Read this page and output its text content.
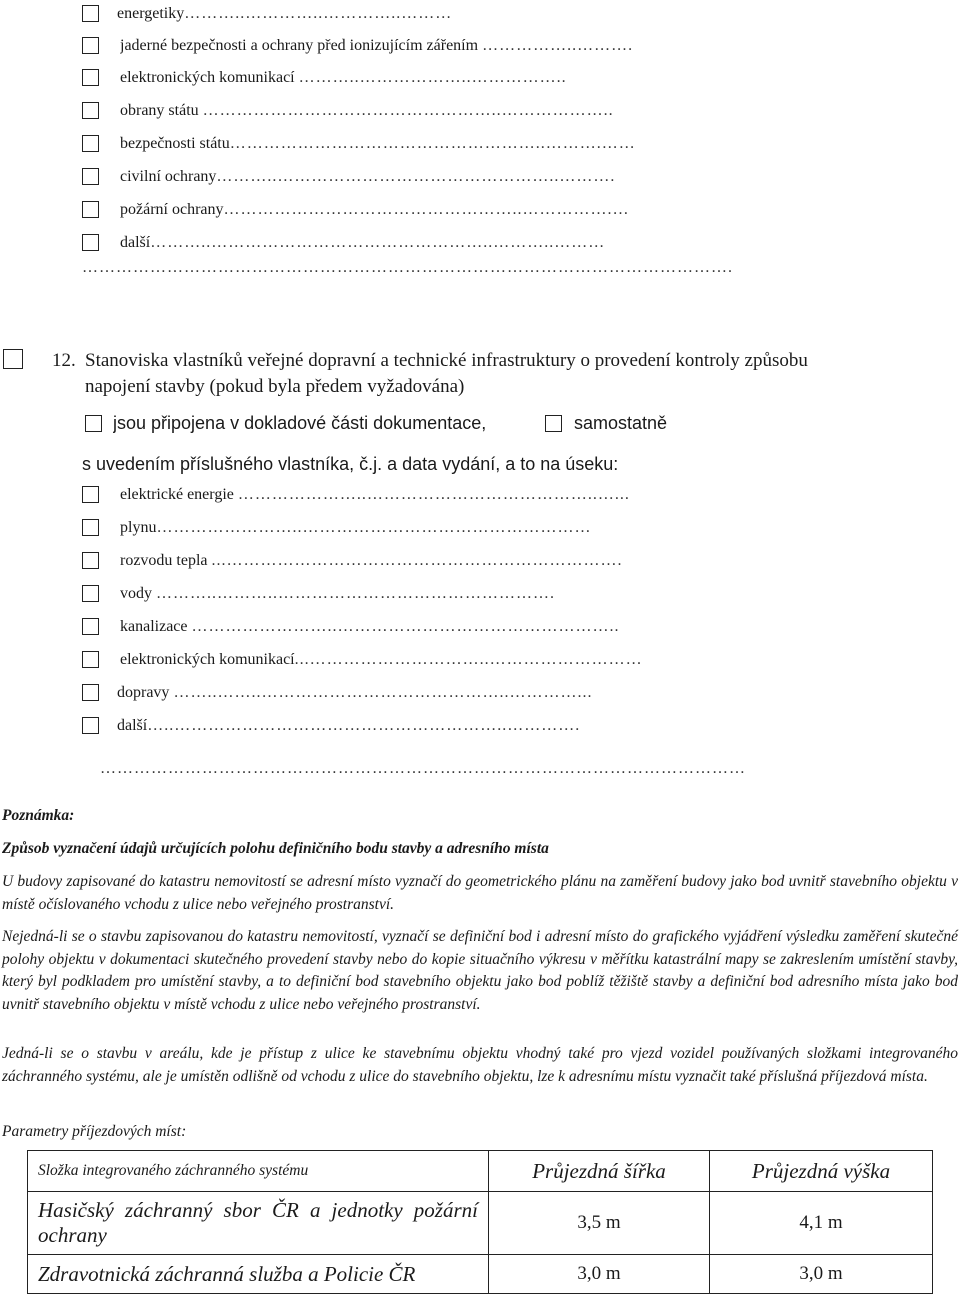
energetiky………..…………..…………..………
jaderné bezpečnosti a ochrany před ionizujícím zářením ……………..……….
elektronických komunikací ………..………………..……………..
obrany státu ……………………………………………..………………..
bezpečnosti státu………………………………………………..……….……
civilní ochrany………..…………………………………………..……….
požární ochrany……………………………………………..…………….…
další………..…………………………………………..………..………
…………………………………………………………………………………………………….
12. Stanoviska vlastníků veřejné dopravní a technické infrastruktury o provedení kontroly způsobu
napojení stavby (pokud byla předem vyžadována)
jsou připojena v dokladové části dokumentace,	samostatně
s uvedením příslušného vlastníka, č.j. a data vydání, a to na úseku:
elektrické energie …………………..…………………………………..…...
plynu……………………..……………………………………………
rozvodu tepla ...…………………………………………………………….
vody ………..………..………………………………………….
kanalizace ……………………..…………………………………………..
elektronických komunikací...…………………………..………………………
dopravy ……..……..……………………………………..…………...
další…..…………………………………………………..………….
……………………………………………………………………………………………………
Poznámka:
Způsob vyznačení údajů určujících polohu definičního bodu stavby a adresního místa
U budovy zapisované do katastru nemovitostí se adresní místo vyznačí do geometrického plánu na zaměření budovy jako bod uvnitř stavebního objektu v místě očíslovaného vchodu z ulice nebo veřejného prostranství.
Nejedná-li se o stavbu zapisovanou do katastru nemovitostí, vyznačí se definiční bod i adresní místo do grafického vyjádření výsledku zaměření skutečné polohy objektu v dokumentaci skutečného provedení stavby nebo do kopie situačního výkresu v měřítku katastrální mapy se zakreslením umístění stavby, který byl podkladem pro umístění stavby, a to definiční bod stavebního objektu jako bod poblíž těžiště stavby a definiční bod adresního místa jako bod uvnitř stavebního objektu v místě vchodu z ulice nebo veřejného prostranství.
Jedná-li se o stavbu v areálu, kde je přístup z ulice ke stavebnímu objektu vhodný také pro vjezd vozidel používaných složkami integrovaného záchranného systému, ale je umístěn odlišně od vchodu z ulice do stavebního objektu, lze k adresnímu místu vyznačit také příslušná příjezdová místa.
Parametry příjezdových míst:
Složka integrovaného záchranného systému	Průjezdná šířka	Průjezdná výška
Hasičský záchranný sbor ČR a jednotky požární ochrany	3,5 m	4,1 m
Zdravotnická záchranná služba a Policie ČR	3,0 m	3,0 m
